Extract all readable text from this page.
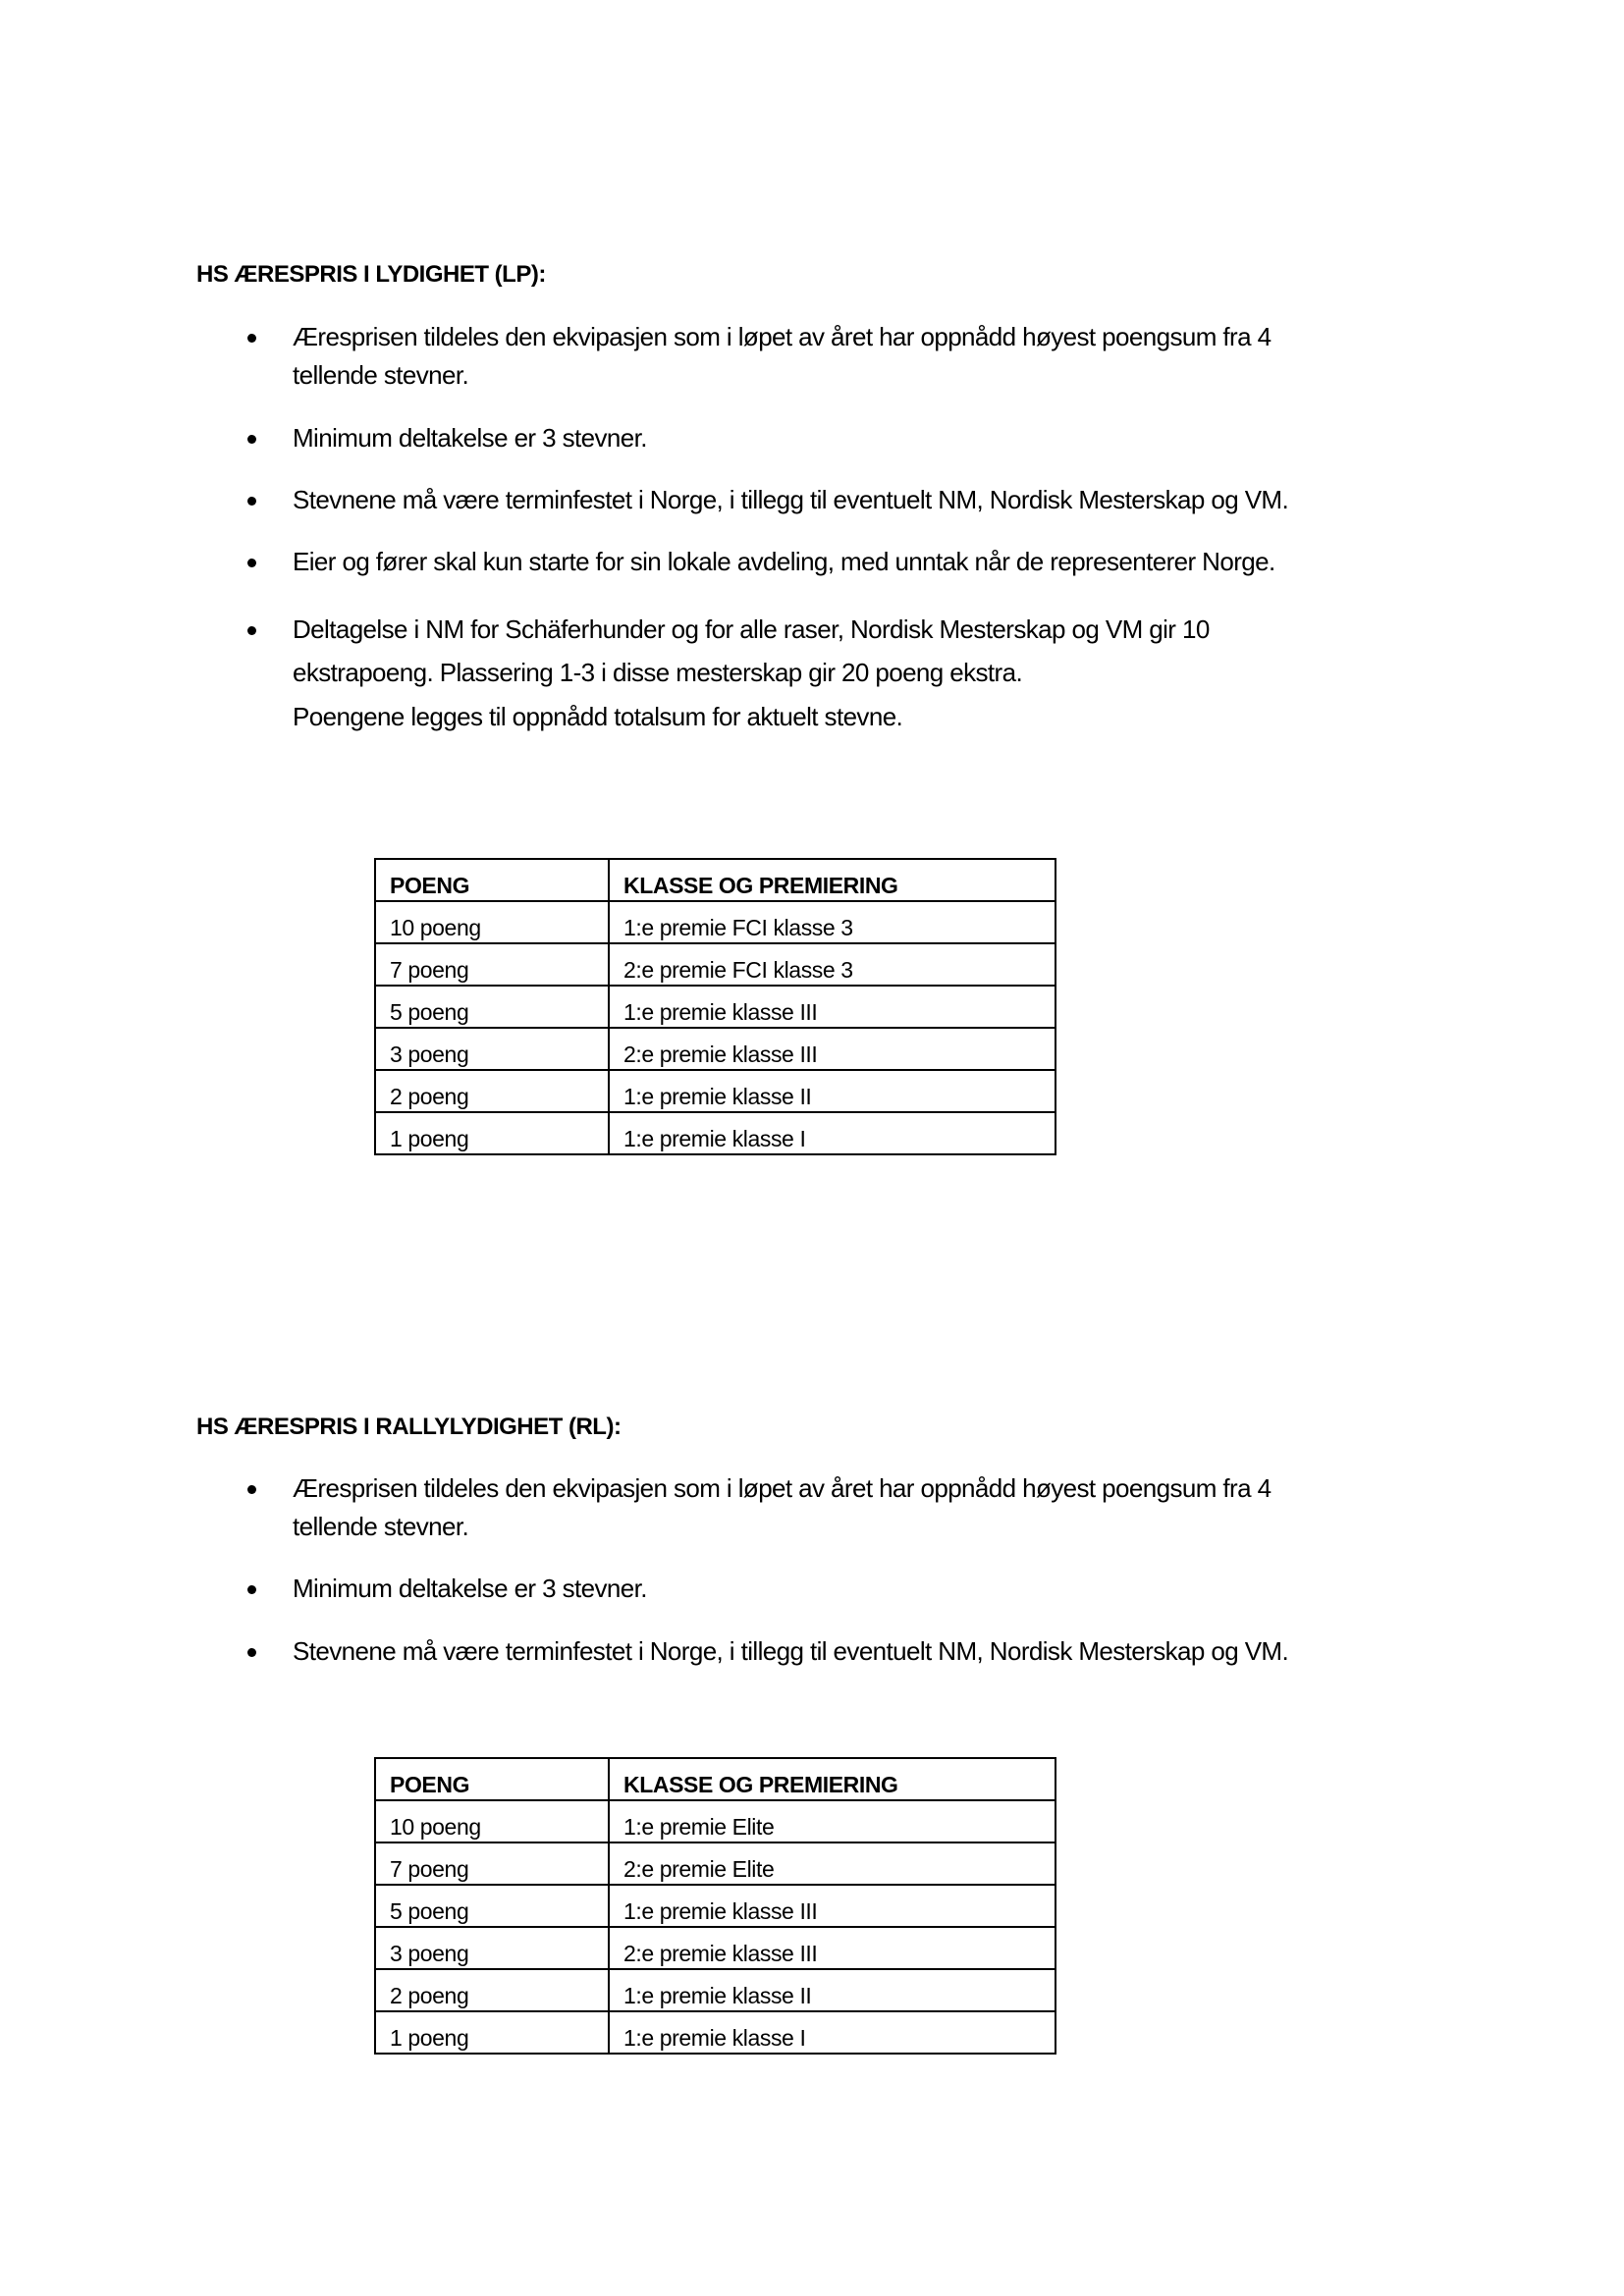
HS ÆRESPRIS I LYDIGHET (LP):
Æresprisen tildeles den ekvipasjen som i løpet av året har oppnådd høyest poengsum fra 4
tellende stevner.
Minimum deltakelse er 3 stevner.
Stevnene må være terminfestet i Norge, i tillegg til eventuelt NM, Nordisk Mesterskap og VM.
Eier og fører skal kun starte for sin lokale avdeling, med unntak når de representerer Norge.
Deltagelse i NM for Schäferhunder og for alle raser, Nordisk Mesterskap og VM gir 10
ekstrapoeng. Plassering 1-3 i disse mesterskap gir 20 poeng ekstra.
Poengene legges til oppnådd totalsum for aktuelt stevne.
POENG	KLASSE OG PREMIERING
10 poeng	1:e premie FCI klasse 3
7 poeng	2:e premie FCI klasse 3
5 poeng	1:e premie klasse III
3 poeng	2:e premie klasse III
2 poeng	1:e premie klasse II
1 poeng	1:e premie klasse I
HS ÆRESPRIS I RALLYLYDIGHET (RL):
Æresprisen tildeles den ekvipasjen som i løpet av året har oppnådd høyest poengsum fra 4
tellende stevner.
Minimum deltakelse er 3 stevner.
Stevnene må være terminfestet i Norge, i tillegg til eventuelt NM, Nordisk Mesterskap og VM.
POENG	KLASSE OG PREMIERING
10 poeng	1:e premie Elite
7 poeng	2:e premie Elite
5 poeng	1:e premie klasse III
3 poeng	2:e premie klasse III
2 poeng	1:e premie klasse II
1 poeng	1:e premie klasse I
